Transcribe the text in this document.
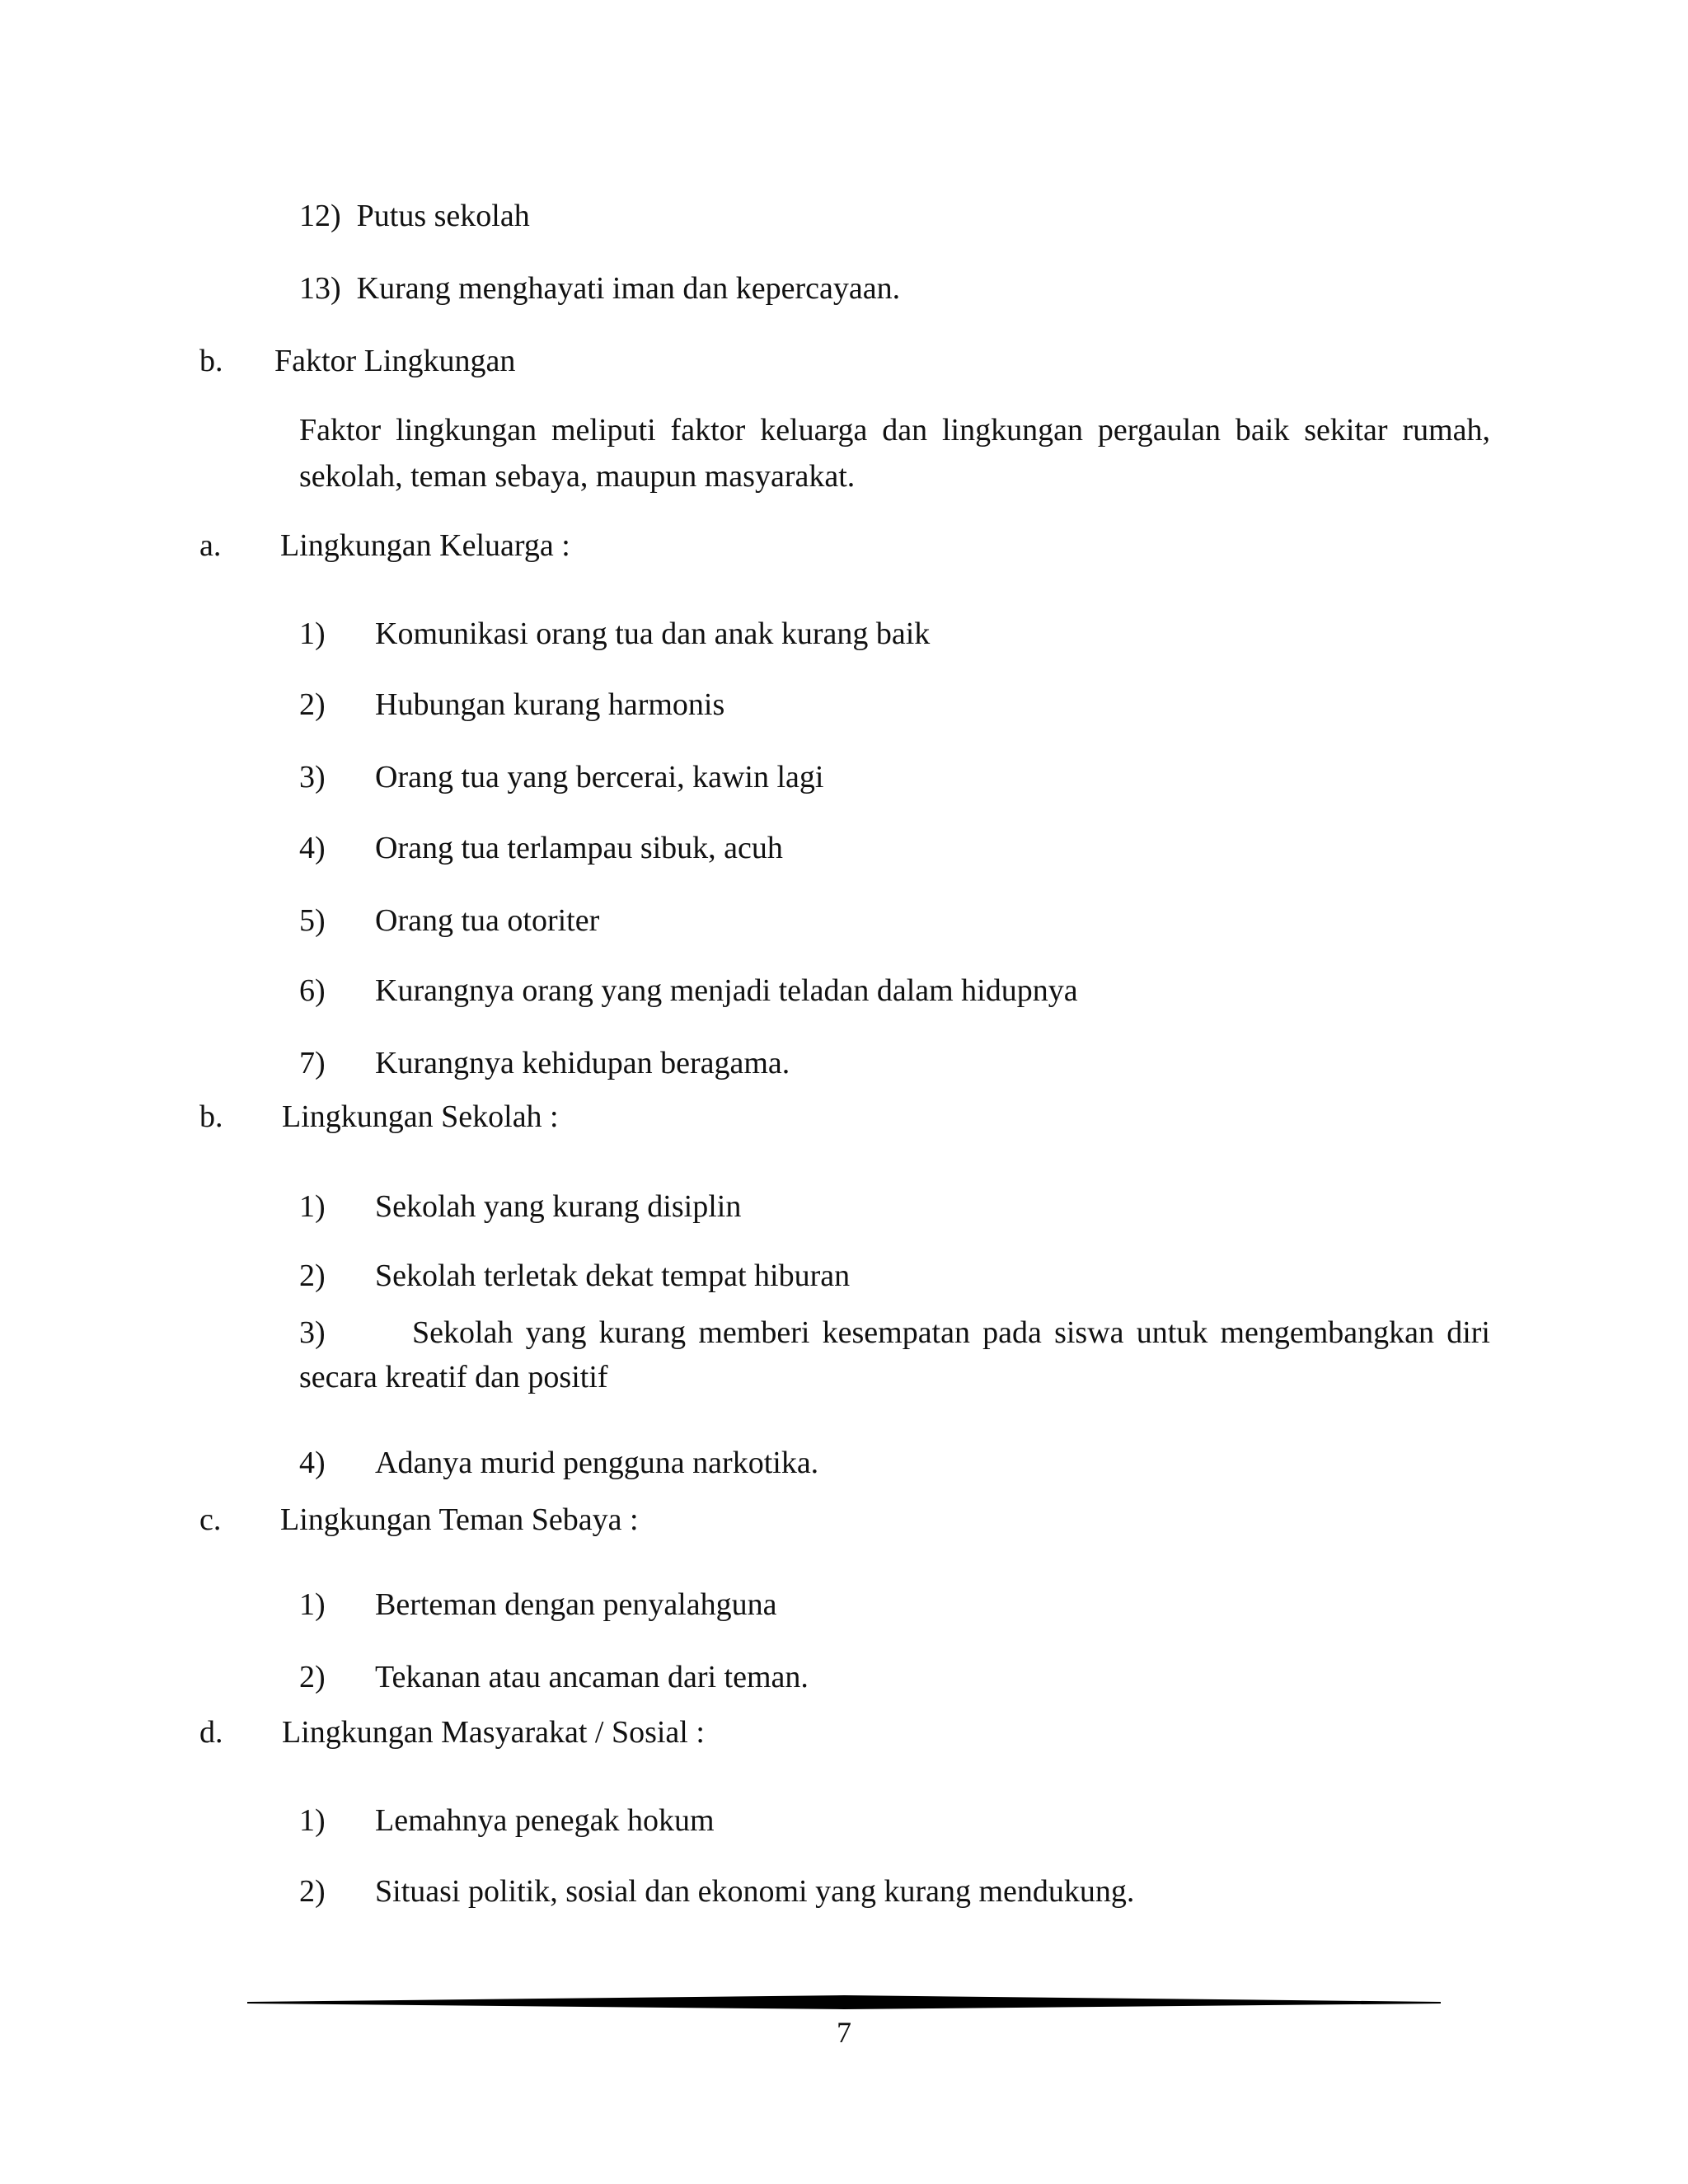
12) Putus sekolah
13) Kurang menghayati iman dan kepercayaan.
b. Faktor Lingkungan
Faktor lingkungan meliputi faktor keluarga dan lingkungan pergaulan baik sekitar rumah,
sekolah, teman sebaya, maupun masyarakat.
a. Lingkungan Keluarga :
1) Komunikasi orang tua dan anak kurang baik
2) Hubungan kurang harmonis
3) Orang tua yang bercerai, kawin lagi
4) Orang tua terlampau sibuk, acuh
5) Orang tua otoriter
6) Kurangnya orang yang menjadi teladan dalam hidupnya
7) Kurangnya kehidupan beragama.
b. Lingkungan Sekolah :
1) Sekolah yang kurang disiplin
2) Sekolah terletak dekat tempat hiburan
3)	Sekolah yang kurang memberi kesempatan pada siswa untuk mengembangkan diri
secara kreatif dan positif
4) Adanya murid pengguna narkotika.
c. Lingkungan Teman Sebaya :
1) Berteman dengan penyalahguna
2) Tekanan atau ancaman dari teman.
d. Lingkungan Masyarakat / Sosial :
1) Lemahnya penegak hokum
2) Situasi politik, sosial dan ekonomi yang kurang mendukung.
7
